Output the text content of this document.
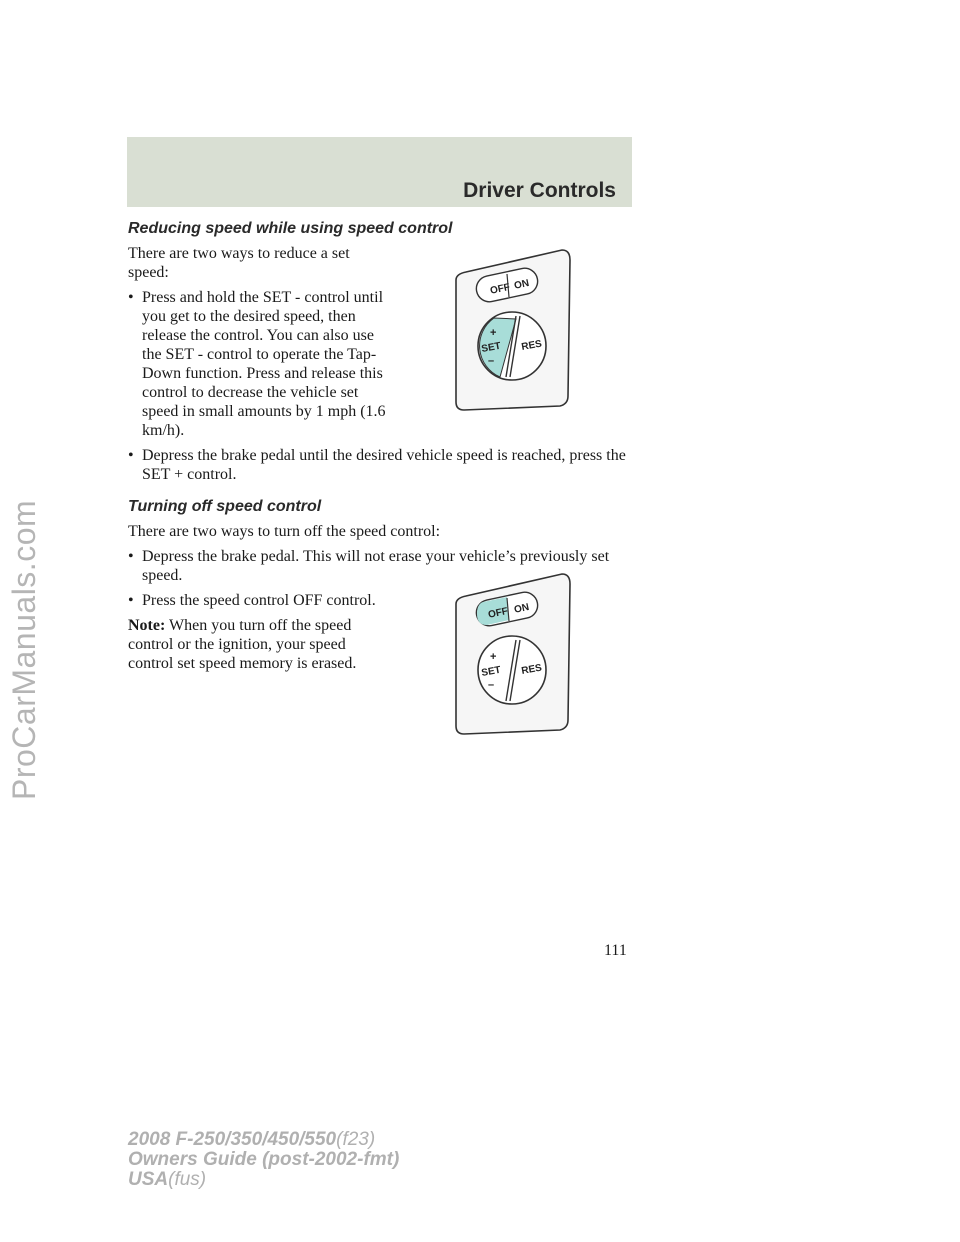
Driver Controls
ProCarManuals.com
Reducing speed while using speed control

There are two ways to reduce a set speed:

• Press and hold the SET - control until you get to the desired speed, then release the control. You can also use the SET - control to operate the Tap-Down function. Press and release this control to decrease the vehicle set speed in small amounts by 1 mph (1.6 km/h).
• Depress the brake pedal until the desired vehicle speed is reached, press the SET + control.
Turning off speed control

There are two ways to turn off the speed control:

• Depress the brake pedal. This will not erase your vehicle’s previously set speed.
• Press the speed control OFF control.

Note: When you turn off the speed control or the ignition, your speed control set speed memory is erased.

OFF ON
+
SET
–
RES
OFF ON
+
SET
–
RES
111
2008 F-250/350/450/550(f23)
Owners Guide (post-2002-fmt)
USA(fus)
